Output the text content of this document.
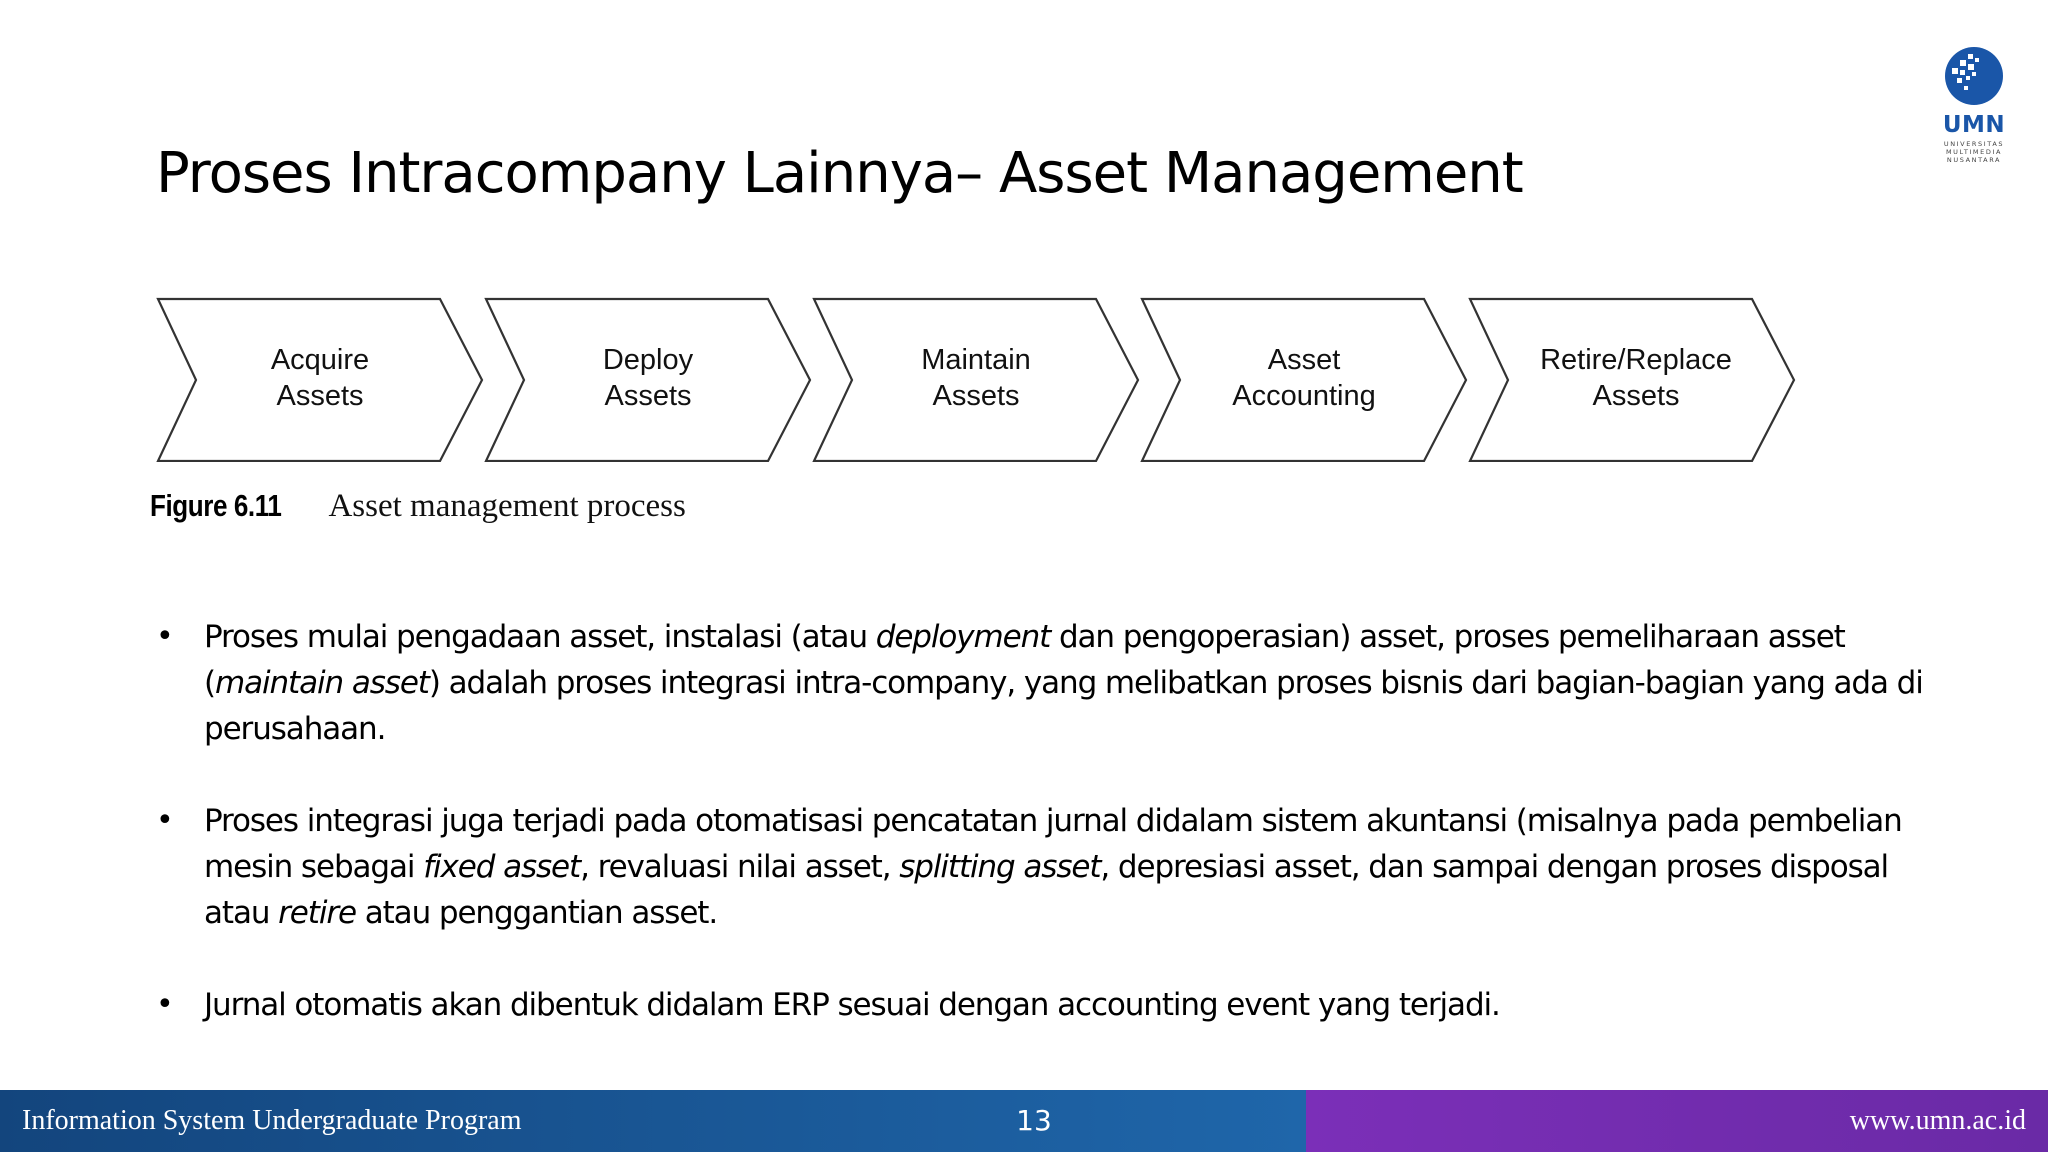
Proses Intracompany Lainnya– Asset Management
UMN
UNIVERSITAS
MULTIMEDIA
NUSANTARA
Acquire
Assets
Deploy
Assets
Maintain
Assets
Asset
Accounting
Retire/Replace
Assets
Figure 6.11 Asset management process
• Proses mulai pengadaan asset, instalasi (atau deployment dan pengoperasian) asset, proses pemeliharaan asset (maintain asset) adalah proses integrasi intra-company, yang melibatkan proses bisnis dari bagian-bagian yang ada di perusahaan.
• Proses integrasi juga terjadi pada otomatisasi pencatatan jurnal didalam sistem akuntansi (misalnya pada pembelian mesin sebagai fixed asset, revaluasi nilai asset, splitting asset, depresiasi asset, dan sampai dengan proses disposal atau retire atau penggantian asset.
• Jurnal otomatis akan dibentuk didalam ERP sesuai dengan accounting event yang terjadi.
Information System Undergraduate Program	13	www.umn.ac.id
